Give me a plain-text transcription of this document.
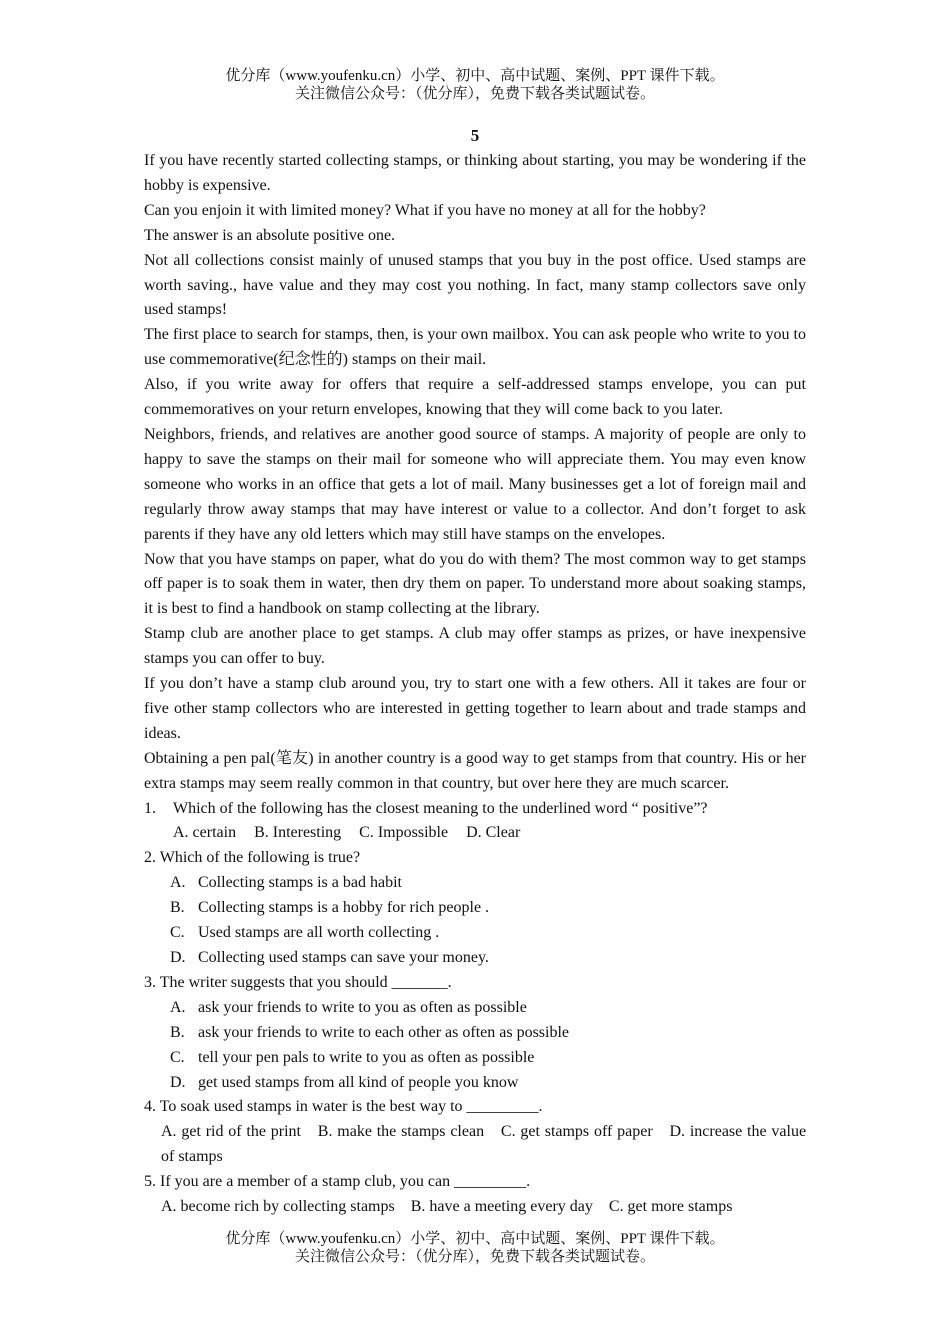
优分库（www.youfenku.cn）小学、初中、高中试题、案例、PPT 课件下载。
关注微信公众号：（优分库），免费下载各类试题试卷。
5

If you have recently started collecting stamps, or thinking about starting, you may be wondering if the hobby is expensive.

Can you enjoin it with limited money? What if you have no money at all for the hobby?

The answer is an absolute positive one.

Not all collections consist mainly of unused stamps that you buy in the post office. Used stamps are worth saving., have value and they may cost you nothing. In fact, many stamp collectors save only used stamps!

The first place to search for stamps, then, is your own mailbox. You can ask people who write to you to use commemorative(纪念性的) stamps on their mail.

Also, if you write away for offers that require a self-addressed stamps envelope, you can put commemoratives on your return envelopes, knowing that they will come back to you later.

Neighbors, friends, and relatives are another good source of stamps. A majority of people are only to happy to save the stamps on their mail for someone who will appreciate them. You may even know someone who works in an office that gets a lot of mail. Many businesses get a lot of foreign mail and regularly throw away stamps that may have interest or value to a collector. And don’t forget to ask parents if they have any old letters which may still have stamps on the envelopes.

Now that you have stamps on paper, what do you do with them? The most common way to get stamps off paper is to soak them in water, then dry them on paper. To understand more about soaking stamps, it is best to find a handbook on stamp collecting at the library.

Stamp club are another place to get stamps. A club may offer stamps as prizes, or have inexpensive stamps you can offer to buy.

If you don’t have a stamp club around you, try to start one with a few others. All it takes are four or five other stamp collectors who are interested in getting together to learn about and trade stamps and ideas.

Obtaining a pen pal(笔友) in another country is a good way to get stamps from that country. His or her extra stamps may seem really common in that country, but over here they are much scarcer.

1. Which of the following has the closest meaning to the underlined word “ positive”?

A. certain B. Interesting C. Impossible D. Clear

2. Which of the following is true?

A. Collecting stamps is a bad habit

B. Collecting stamps is a hobby for rich people .

C. Used stamps are all worth collecting .

D. Collecting used stamps can save your money.

3. The writer suggests that you should _______.

A. ask your friends to write to you as often as possible

B. ask your friends to write to each other as often as possible

C. tell your pen pals to write to you as often as possible

D. get used stamps from all kind of people you know

4. To soak used stamps in water is the best way to _________.

A. get rid of the print B. make the stamps clean C. get stamps off paper D. increase the value of stamps

5. If you are a member of a stamp club, you can _________.

A. become rich by collecting stamps B. have a meeting every day C. get more stamps

优分库（www.youfenku.cn）小学、初中、高中试题、案例、PPT 课件下载。
关注微信公众号：（优分库），免费下载各类试题试卷。
